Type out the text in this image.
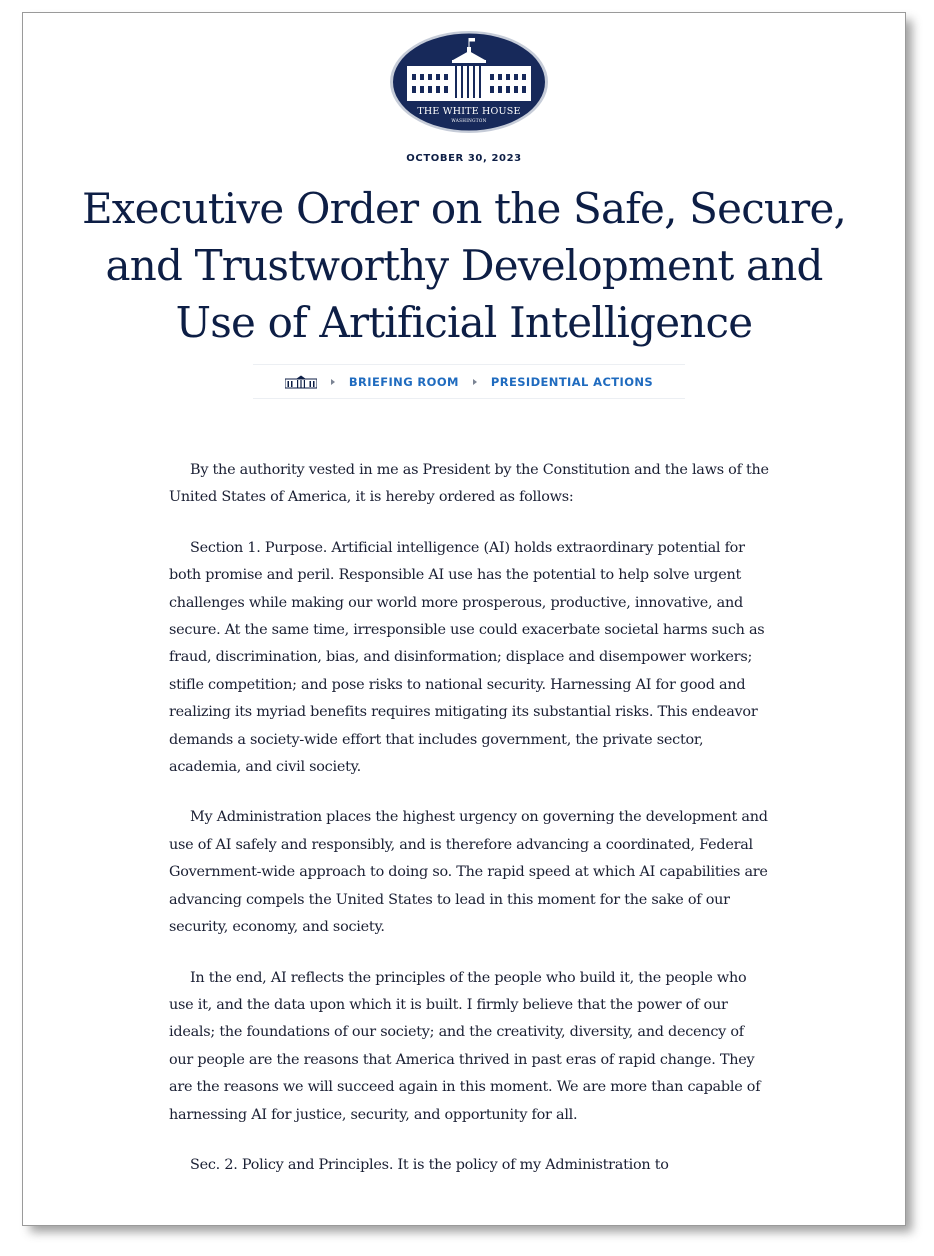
THE WHITE HOUSE
WASHINGTON
OCTOBER 30, 2023
Executive Order on the Safe, Secure, and Trustworthy Development and Use of Artificial Intelligence
BRIEFING ROOM	PRESIDENTIAL ACTIONS

By the authority vested in me as President by the Constitution and the laws of the United States of America, it is hereby ordered as follows:

Section 1. Purpose. Artificial intelligence (AI) holds extraordinary potential for both promise and peril. Responsible AI use has the potential to help solve urgent challenges while making our world more prosperous, productive, innovative, and secure. At the same time, irresponsible use could exacerbate societal harms such as fraud, discrimination, bias, and disinformation; displace and disempower workers; stifle competition; and pose risks to national security. Harnessing AI for good and realizing its myriad benefits requires mitigating its substantial risks. This endeavor demands a society-wide effort that includes government, the private sector, academia, and civil society.

My Administration places the highest urgency on governing the development and use of AI safely and responsibly, and is therefore advancing a coordinated, Federal Government-wide approach to doing so. The rapid speed at which AI capabilities are advancing compels the United States to lead in this moment for the sake of our security, economy, and society.

In the end, AI reflects the principles of the people who build it, the people who use it, and the data upon which it is built. I firmly believe that the power of our ideals; the foundations of our society; and the creativity, diversity, and decency of our people are the reasons that America thrived in past eras of rapid change. They are the reasons we will succeed again in this moment. We are more than capable of harnessing AI for justice, security, and opportunity for all.

Sec. 2. Policy and Principles. It is the policy of my Administration to
